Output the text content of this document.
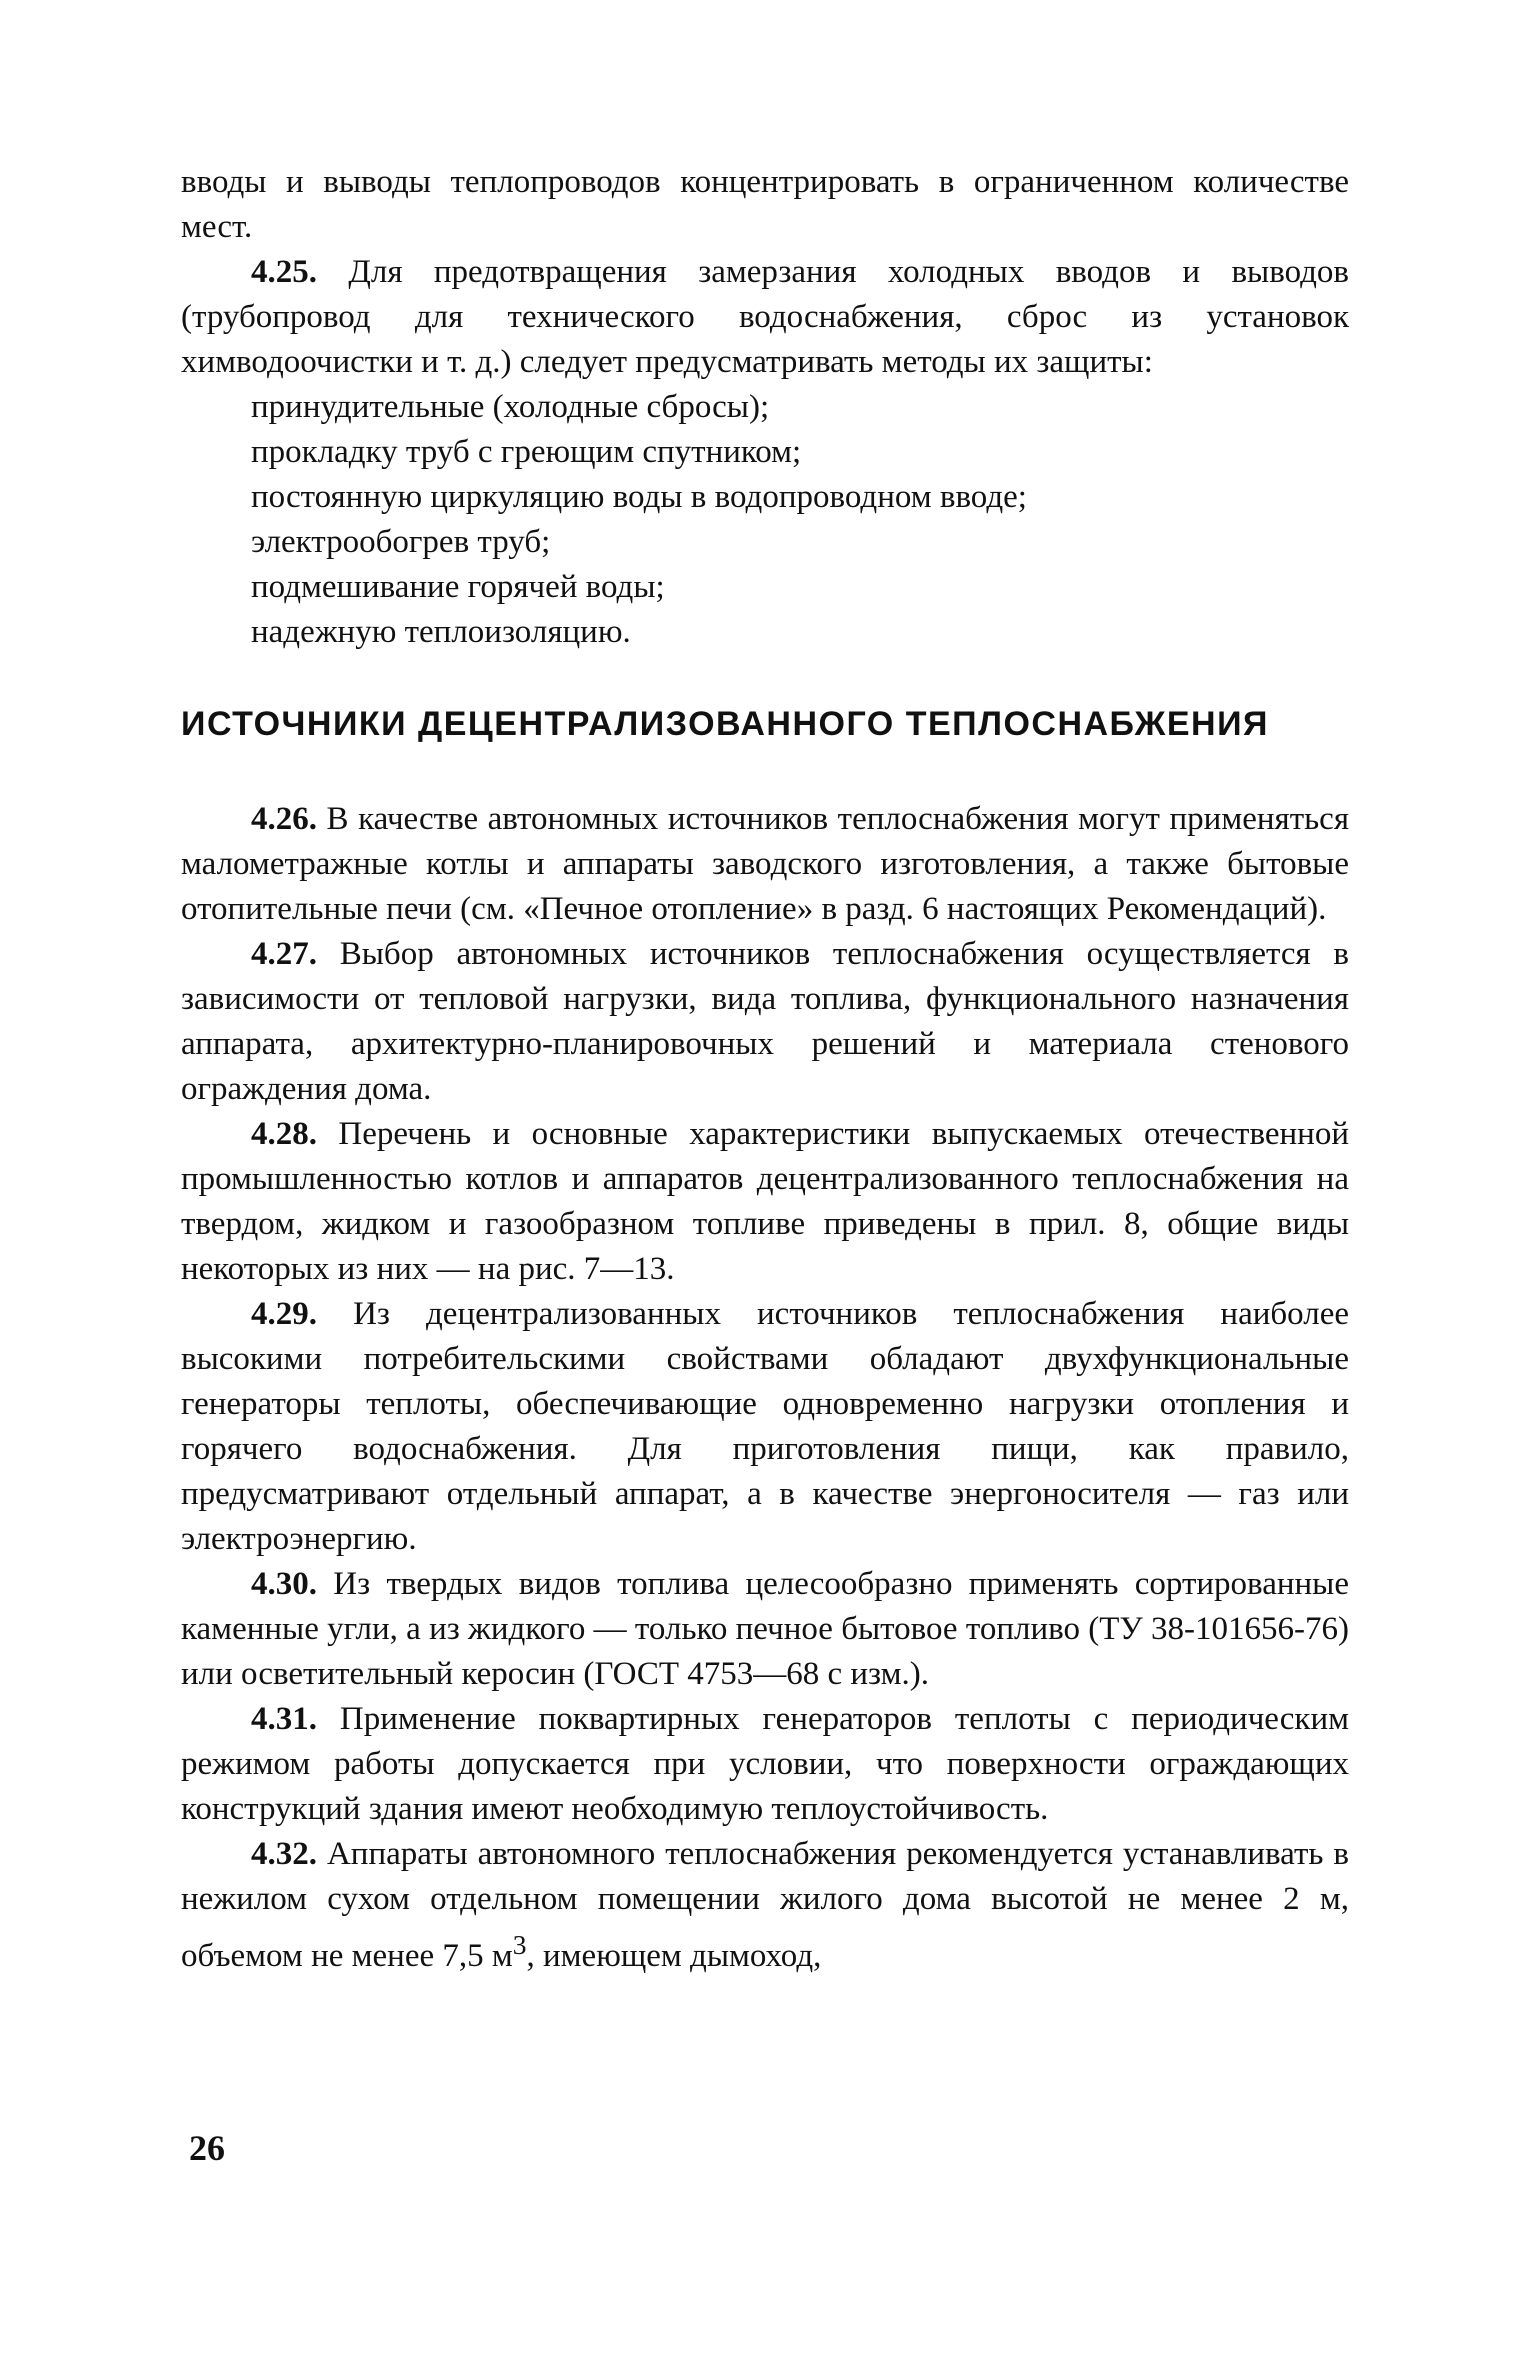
вводы и выводы теплопроводов концентрировать в ограниченном количестве мест.

4.25. Для предотвращения замерзания холодных вводов и выводов (трубопровод для технического водоснабжения, сброс из установок химводоочистки и т. д.) следует предусматривать методы их защиты:

принудительные (холодные сбросы);
прокладку труб с греющим спутником;
постоянную циркуляцию воды в водопроводном вводе;
электрообогрев труб;
подмешивание горячей воды;
надежную теплоизоляцию.
ИСТОЧНИКИ ДЕЦЕНТРАЛИЗОВАННОГО ТЕПЛОСНАБЖЕНИЯ

4.26. В качестве автономных источников теплоснабжения могут применяться малометражные котлы и аппараты заводского изготовления, а также бытовые отопительные печи (см. «Печное отопление» в разд. 6 настоящих Рекомендаций).

4.27. Выбор автономных источников теплоснабжения осуществляется в зависимости от тепловой нагрузки, вида топлива, функционального назначения аппарата, архитектурно-планировочных решений и материала стенового ограждения дома.

4.28. Перечень и основные характеристики выпускаемых отечественной промышленностью котлов и аппаратов децентрализованного теплоснабжения на твердом, жидком и газообразном топливе приведены в прил. 8, общие виды некоторых из них — на рис. 7—13.

4.29. Из децентрализованных источников теплоснабжения наиболее высокими потребительскими свойствами обладают двухфункциональные генераторы теплоты, обеспечивающие одновременно нагрузки отопления и горячего водоснабжения. Для приготовления пищи, как правило, предусматривают отдельный аппарат, а в качестве энергоносителя — газ или электроэнергию.

4.30. Из твердых видов топлива целесообразно применять сортированные каменные угли, а из жидкого — только печное бытовое топливо (ТУ 38-101656-76) или осветительный керосин (ГОСТ 4753—68 с изм.).

4.31. Применение поквартирных генераторов теплоты с периодическим режимом работы допускается при условии, что поверхности ограждающих конструкций здания имеют необходимую теплоустойчивость.

4.32. Аппараты автономного теплоснабжения рекомендуется устанавливать в нежилом сухом отдельном помещении жилого дома высотой не менее 2 м, объемом не менее 7,5 $м^3$, имеющем дымоход,

26
